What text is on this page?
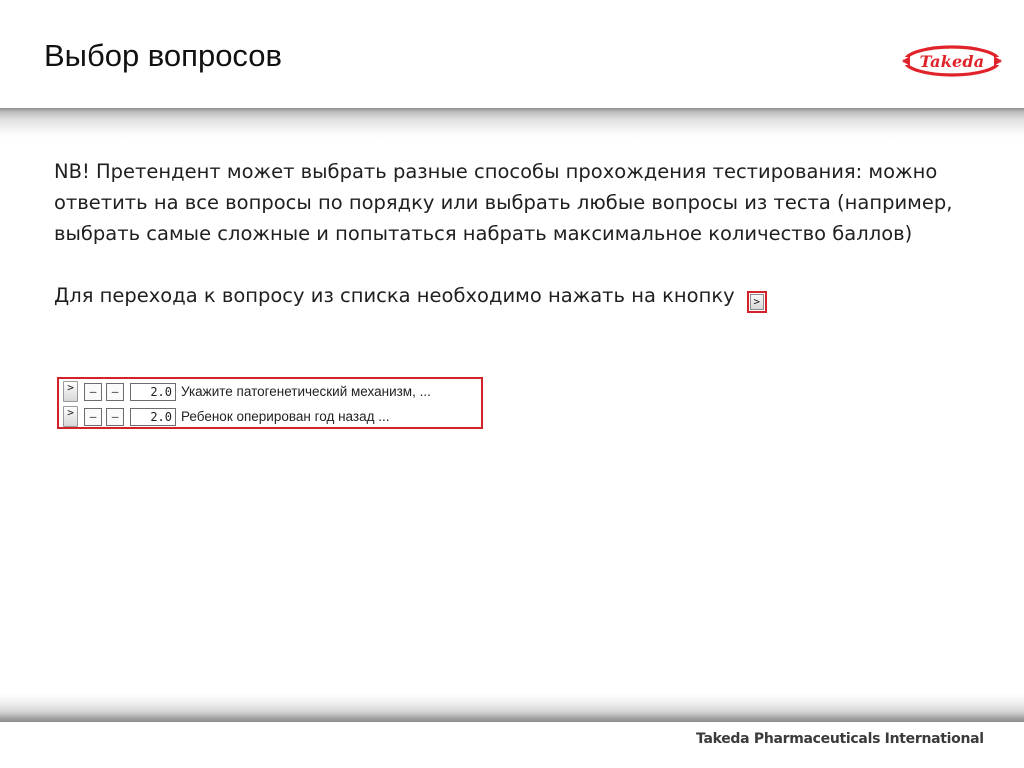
Выбор вопросов	Takeda

NB! Претендент может выбрать разные способы прохождения тестирования: можно ответить на все вопросы по порядку или выбрать любые вопросы из теста (например, выбрать самые сложные и попытаться набрать максимальное количество баллов)

Для перехода к вопросу из списка необходимо нажать на кнопку	>

>	–	–	2.0 Укажите патогенетический механизм, ...
>	–	–	2.0 Ребенок оперирован год назад ...
Takeda Pharmaceuticals International
